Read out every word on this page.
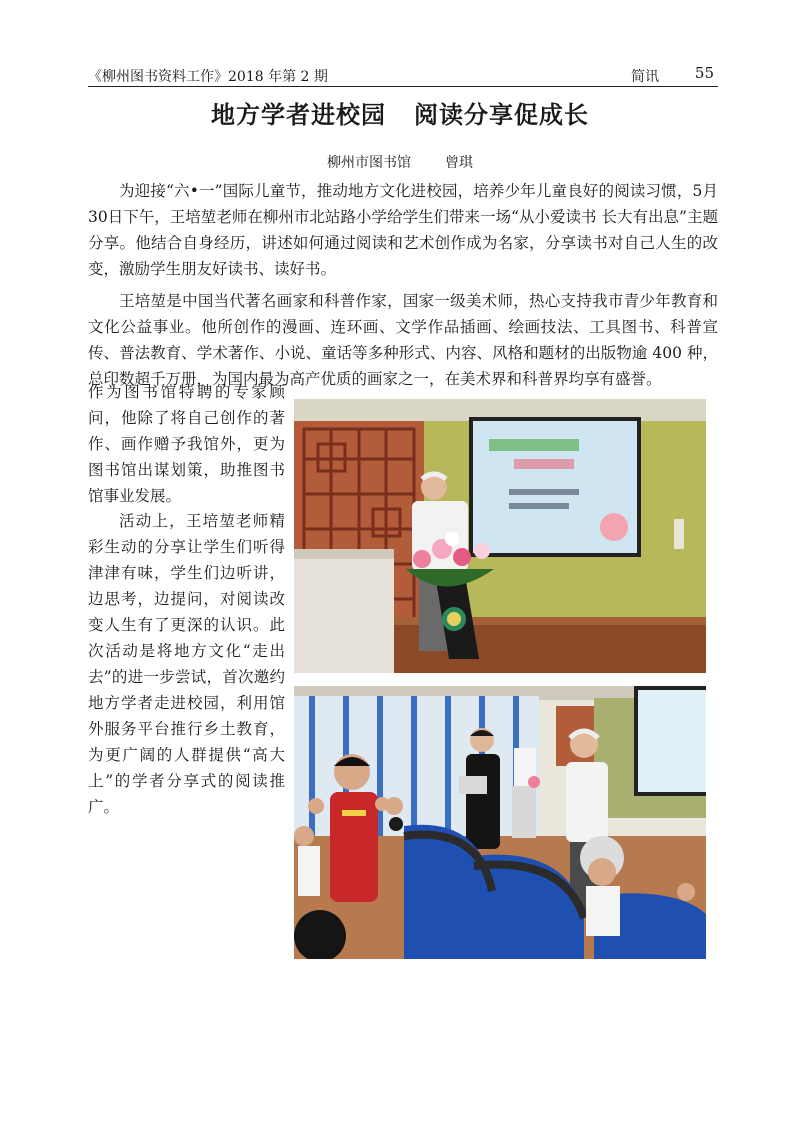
《柳州图书资料工作》2018 年第 2 期	简讯 55
地方学者进校园 阅读分享促成长
柳州市图书馆 曾琪

为迎接“六•一”国际儿童节，推动地方文化进校园，培养少年儿童良好的阅读习惯，5月30日下午，王培堃老师在柳州市北站路小学给学生们带来一场“从小爱读书 长大有出息”主题分享。他结合自身经历，讲述如何通过阅读和艺术创作成为名家，分享读书对自己人生的改变，激励学生朋友好读书、读好书。

王培堃是中国当代著名画家和科普作家，国家一级美术师，热心支持我市青少年教育和文化公益事业。他所创作的漫画、连环画、文学作品插画、绘画技法、工具图书、科普宣传、普法教育、学术著作、小说、童话等多种形式、内容、风格和题材的出版物逾 400 种，总印数超千万册，为国内最为高产优质的画家之一，在美术界和科普界均享有盛誉。

作为图书馆特聘的专家顾问，他除了将自己创作的著作、画作赠予我馆外，更为图书馆出谋划策，助推图书馆事业发展。

活动上，王培堃老师精彩生动的分享让学生们听得津津有味，学生们边听讲，边思考，边提问，对阅读改变人生有了更深的认识。此次活动是将地方文化“走出去”的进一步尝试，首次邀约地方学者走进校园，利用馆外服务平台推行乡土教育，为更广阔的人群提供“高大上”的学者分享式的阅读推广。
